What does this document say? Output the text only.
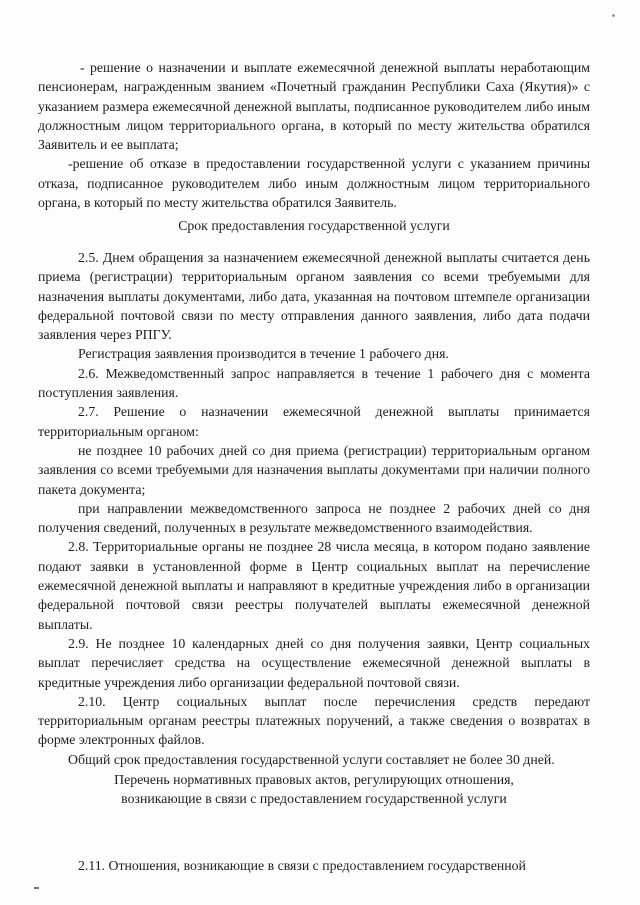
- решение о назначении и выплате ежемесячной денежной выплаты неработающим пенсионерам, награжденным званием «Почетный гражданин Республики Саха (Якутия)» с указанием размера ежемесячной денежной выплаты, подписанное руководителем либо иным должностным лицом территориального органа, в который по месту жительства обратился Заявитель и ее выплата;

-решение об отказе в предоставлении государственной услуги с указанием причины отказа, подписанное руководителем либо иным должностным лицом территориального органа, в который по месту жительства обратился Заявитель.

Срок предоставления государственной услуги

2.5. Днем обращения за назначением ежемесячной денежной выплаты считается день приема (регистрации) территориальным органом заявления со всеми требуемыми для назначения выплаты документами, либо дата, указанная на почтовом штемпеле организации федеральной почтовой связи по месту отправления данного заявления, либо дата подачи заявления через РПГУ.

Регистрация заявления производится в течение 1 рабочего дня.

2.6. Межведомственный запрос направляется в течение 1 рабочего дня с момента поступления заявления.

2.7. Решение о назначении ежемесячной денежной выплаты принимается территориальным органом:

не позднее 10 рабочих дней со дня приема (регистрации) территориальным органом заявления со всеми требуемыми для назначения выплаты документами при наличии полного пакета документа;

при направлении межведомственного запроса не позднее 2 рабочих дней со дня получения сведений, полученных в результате межведомственного взаимодействия.

2.8. Территориальные органы не позднее 28 числа месяца, в котором подано заявление подают заявки в установленной форме в Центр социальных выплат на перечисление ежемесячной денежной выплаты и направляют в кредитные учреждения либо в организации федеральной почтовой связи реестры получателей выплаты ежемесячной денежной выплаты.

2.9. Не позднее 10 календарных дней со дня получения заявки, Центр социальных выплат перечисляет средства на осуществление ежемесячной денежной выплаты в кредитные учреждения либо организации федеральной почтовой связи.

2.10. Центр социальных выплат после перечисления средств передают территориальным органам реестры платежных поручений, а также сведения о возвратах в форме электронных файлов.

Общий срок предоставления государственной услуги составляет не более 30 дней.

Перечень нормативных правовых актов, регулирующих отношения,

возникающие в связи с предоставлением государственной услуги

2.11. Отношения, возникающие в связи с предоставлением государственной
